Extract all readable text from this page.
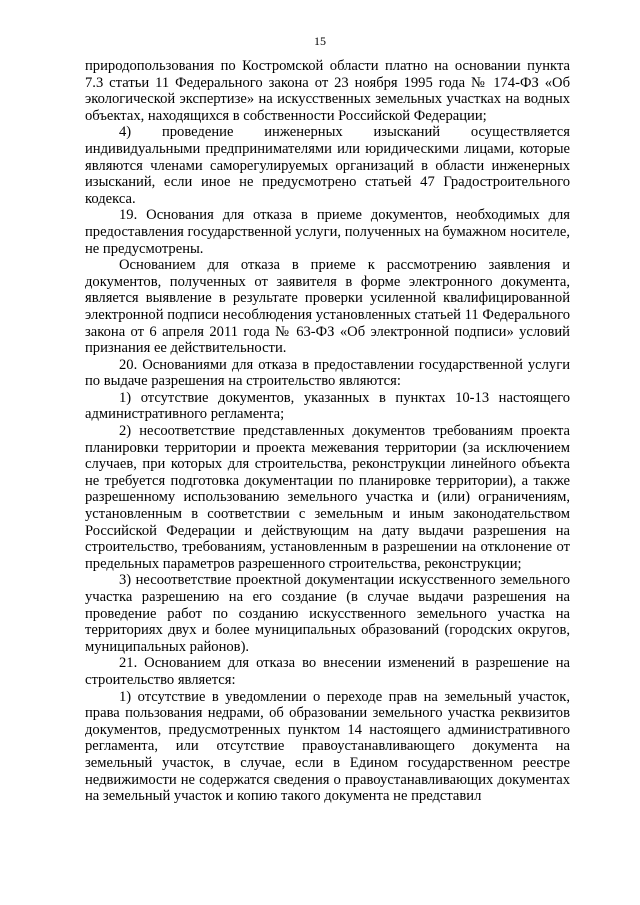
15

природопользования по Костромской области платно на основании пункта 7.3 статьи 11 Федерального закона от 23 ноября 1995 года № 174-ФЗ «Об экологической экспертизе» на искусственных земельных участках на водных объектах, находящихся в собственности Российской Федерации;

4) проведение инженерных изысканий осуществляется индивидуальными предпринимателями или юридическими лицами, которые являются членами саморегулируемых организаций в области инженерных изысканий, если иное не предусмотрено статьей 47 Градостроительного кодекса.

19. Основания для отказа в приеме документов, необходимых для предоставления государственной услуги, полученных на бумажном носителе, не предусмотрены.

Основанием для отказа в приеме к рассмотрению заявления и документов, полученных от заявителя в форме электронного документа, является выявление в результате проверки усиленной квалифицированной электронной подписи несоблюдения установленных статьей 11 Федерального закона от 6 апреля 2011 года № 63-ФЗ «Об электронной подписи» условий признания ее действительности.

20. Основаниями для отказа в предоставлении государственной услуги по выдаче разрешения на строительство являются:

1) отсутствие документов, указанных в пунктах 10-13 настоящего административного регламента;

2) несоответствие представленных документов требованиям проекта планировки территории и проекта межевания территории (за исключением случаев, при которых для строительства, реконструкции линейного объекта не требуется подготовка документации по планировке территории), а также разрешенному использованию земельного участка и (или) ограничениям, установленным в соответствии с земельным и иным законодательством Российской Федерации и действующим на дату выдачи разрешения на строительство, требованиям, установленным в разрешении на отклонение от предельных параметров разрешенного строительства, реконструкции;

3) несоответствие проектной документации искусственного земельного участка разрешению на его создание (в случае выдачи разрешения на проведение работ по созданию искусственного земельного участка на территориях двух и более муниципальных образований (городских округов, муниципальных районов).

21. Основанием для отказа во внесении изменений в разрешение на строительство является:

1) отсутствие в уведомлении о переходе прав на земельный участок, права пользования недрами, об образовании земельного участка реквизитов документов, предусмотренных пунктом 14 настоящего административного регламента, или отсутствие правоустанавливающего документа на земельный участок, в случае, если в Едином государственном реестре недвижимости не содержатся сведения о правоустанавливающих документах на земельный участок и копию такого документа не представил
